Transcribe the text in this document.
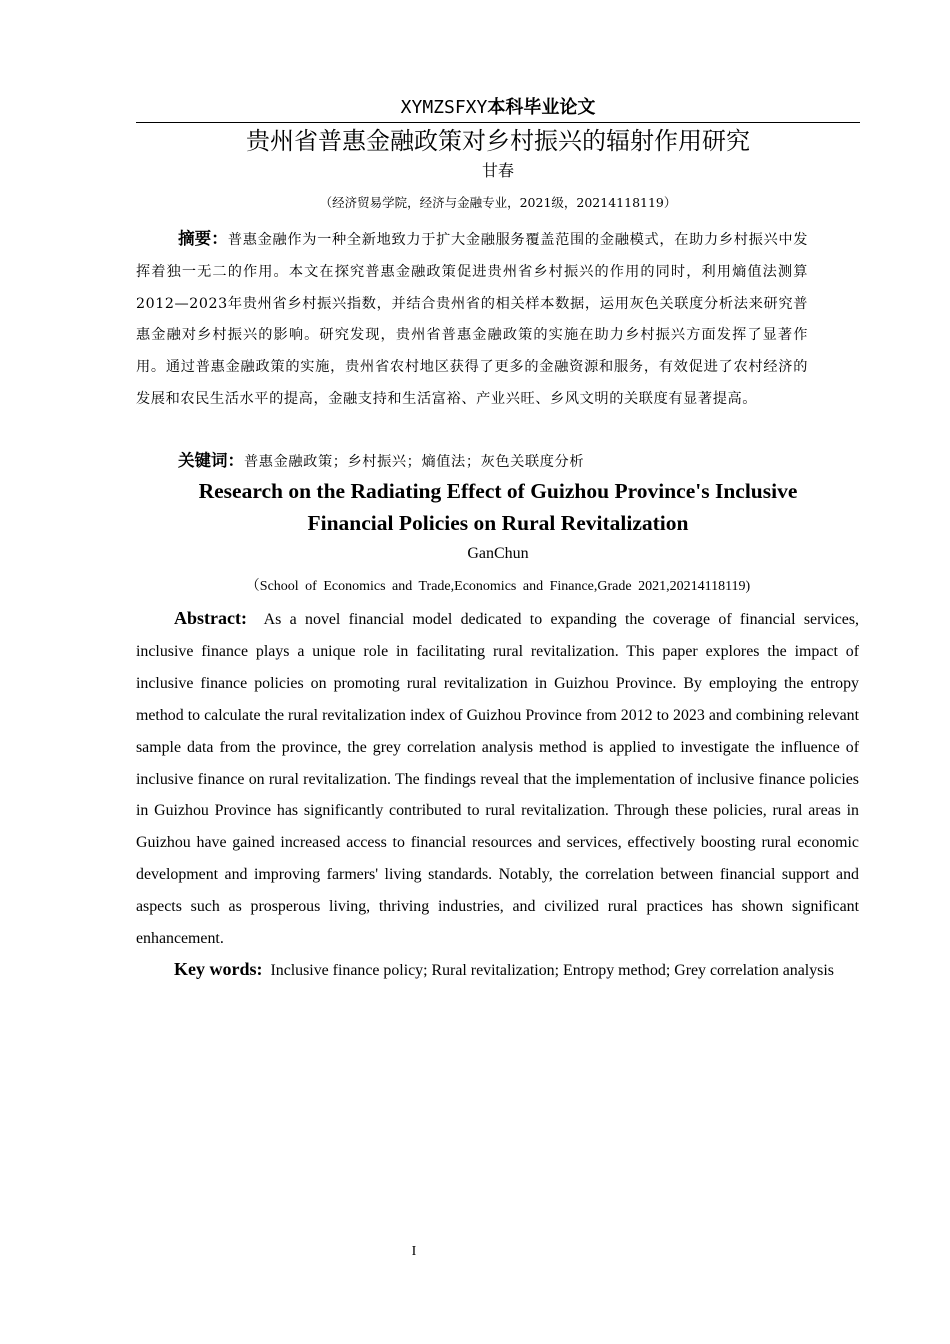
XYMZSFXY本科毕业论文
贵州省普惠金融政策对乡村振兴的辐射作用研究
甘春
（经济贸易学院，经济与金融专业，2021级，20214118119）
摘要：普惠金融作为一种全新地致力于扩大金融服务覆盖范围的金融模式，在助力乡村振兴中发挥着独一无二的作用。本文在探究普惠金融政策促进贵州省乡村振兴的作用的同时，利用熵值法测算2012—2023年贵州省乡村振兴指数，并结合贵州省的相关样本数据，运用灰色关联度分析法来研究普惠金融对乡村振兴的影响。研究发现，贵州省普惠金融政策的实施在助力乡村振兴方面发挥了显著作用。通过普惠金融政策的实施，贵州省农村地区获得了更多的金融资源和服务，有效促进了农村经济的发展和农民生活水平的提高，金融支持和生活富裕、产业兴旺、乡风文明的关联度有显著提高。
关键词：普惠金融政策；乡村振兴；熵值法；灰色关联度分析
Research on the Radiating Effect of Guizhou Province's Inclusive
Financial Policies on Rural Revitalization
GanChun
（School of Economics and Trade,Economics and Finance,Grade 2021,20214118119)
Abstract: As a novel financial model dedicated to expanding the coverage of financial services, inclusive finance plays a unique role in facilitating rural revitalization. This paper explores the impact of inclusive finance policies on promoting rural revitalization in Guizhou Province. By employing the entropy method to calculate the rural revitalization index of Guizhou Province from 2012 to 2023 and combining relevant sample data from the province, the grey correlation analysis method is applied to investigate the influence of inclusive finance on rural revitalization. The findings reveal that the implementation of inclusive finance policies in Guizhou Province has significantly contributed to rural revitalization. Through these policies, rural areas in Guizhou have gained increased access to financial resources and services, effectively boosting rural economic development and improving farmers' living standards. Notably, the correlation between financial support and aspects such as prosperous living, thriving industries, and civilized rural practices has shown significant enhancement.
Key words: Inclusive finance policy; Rural revitalization; Entropy method; Grey correlation analysis
I
